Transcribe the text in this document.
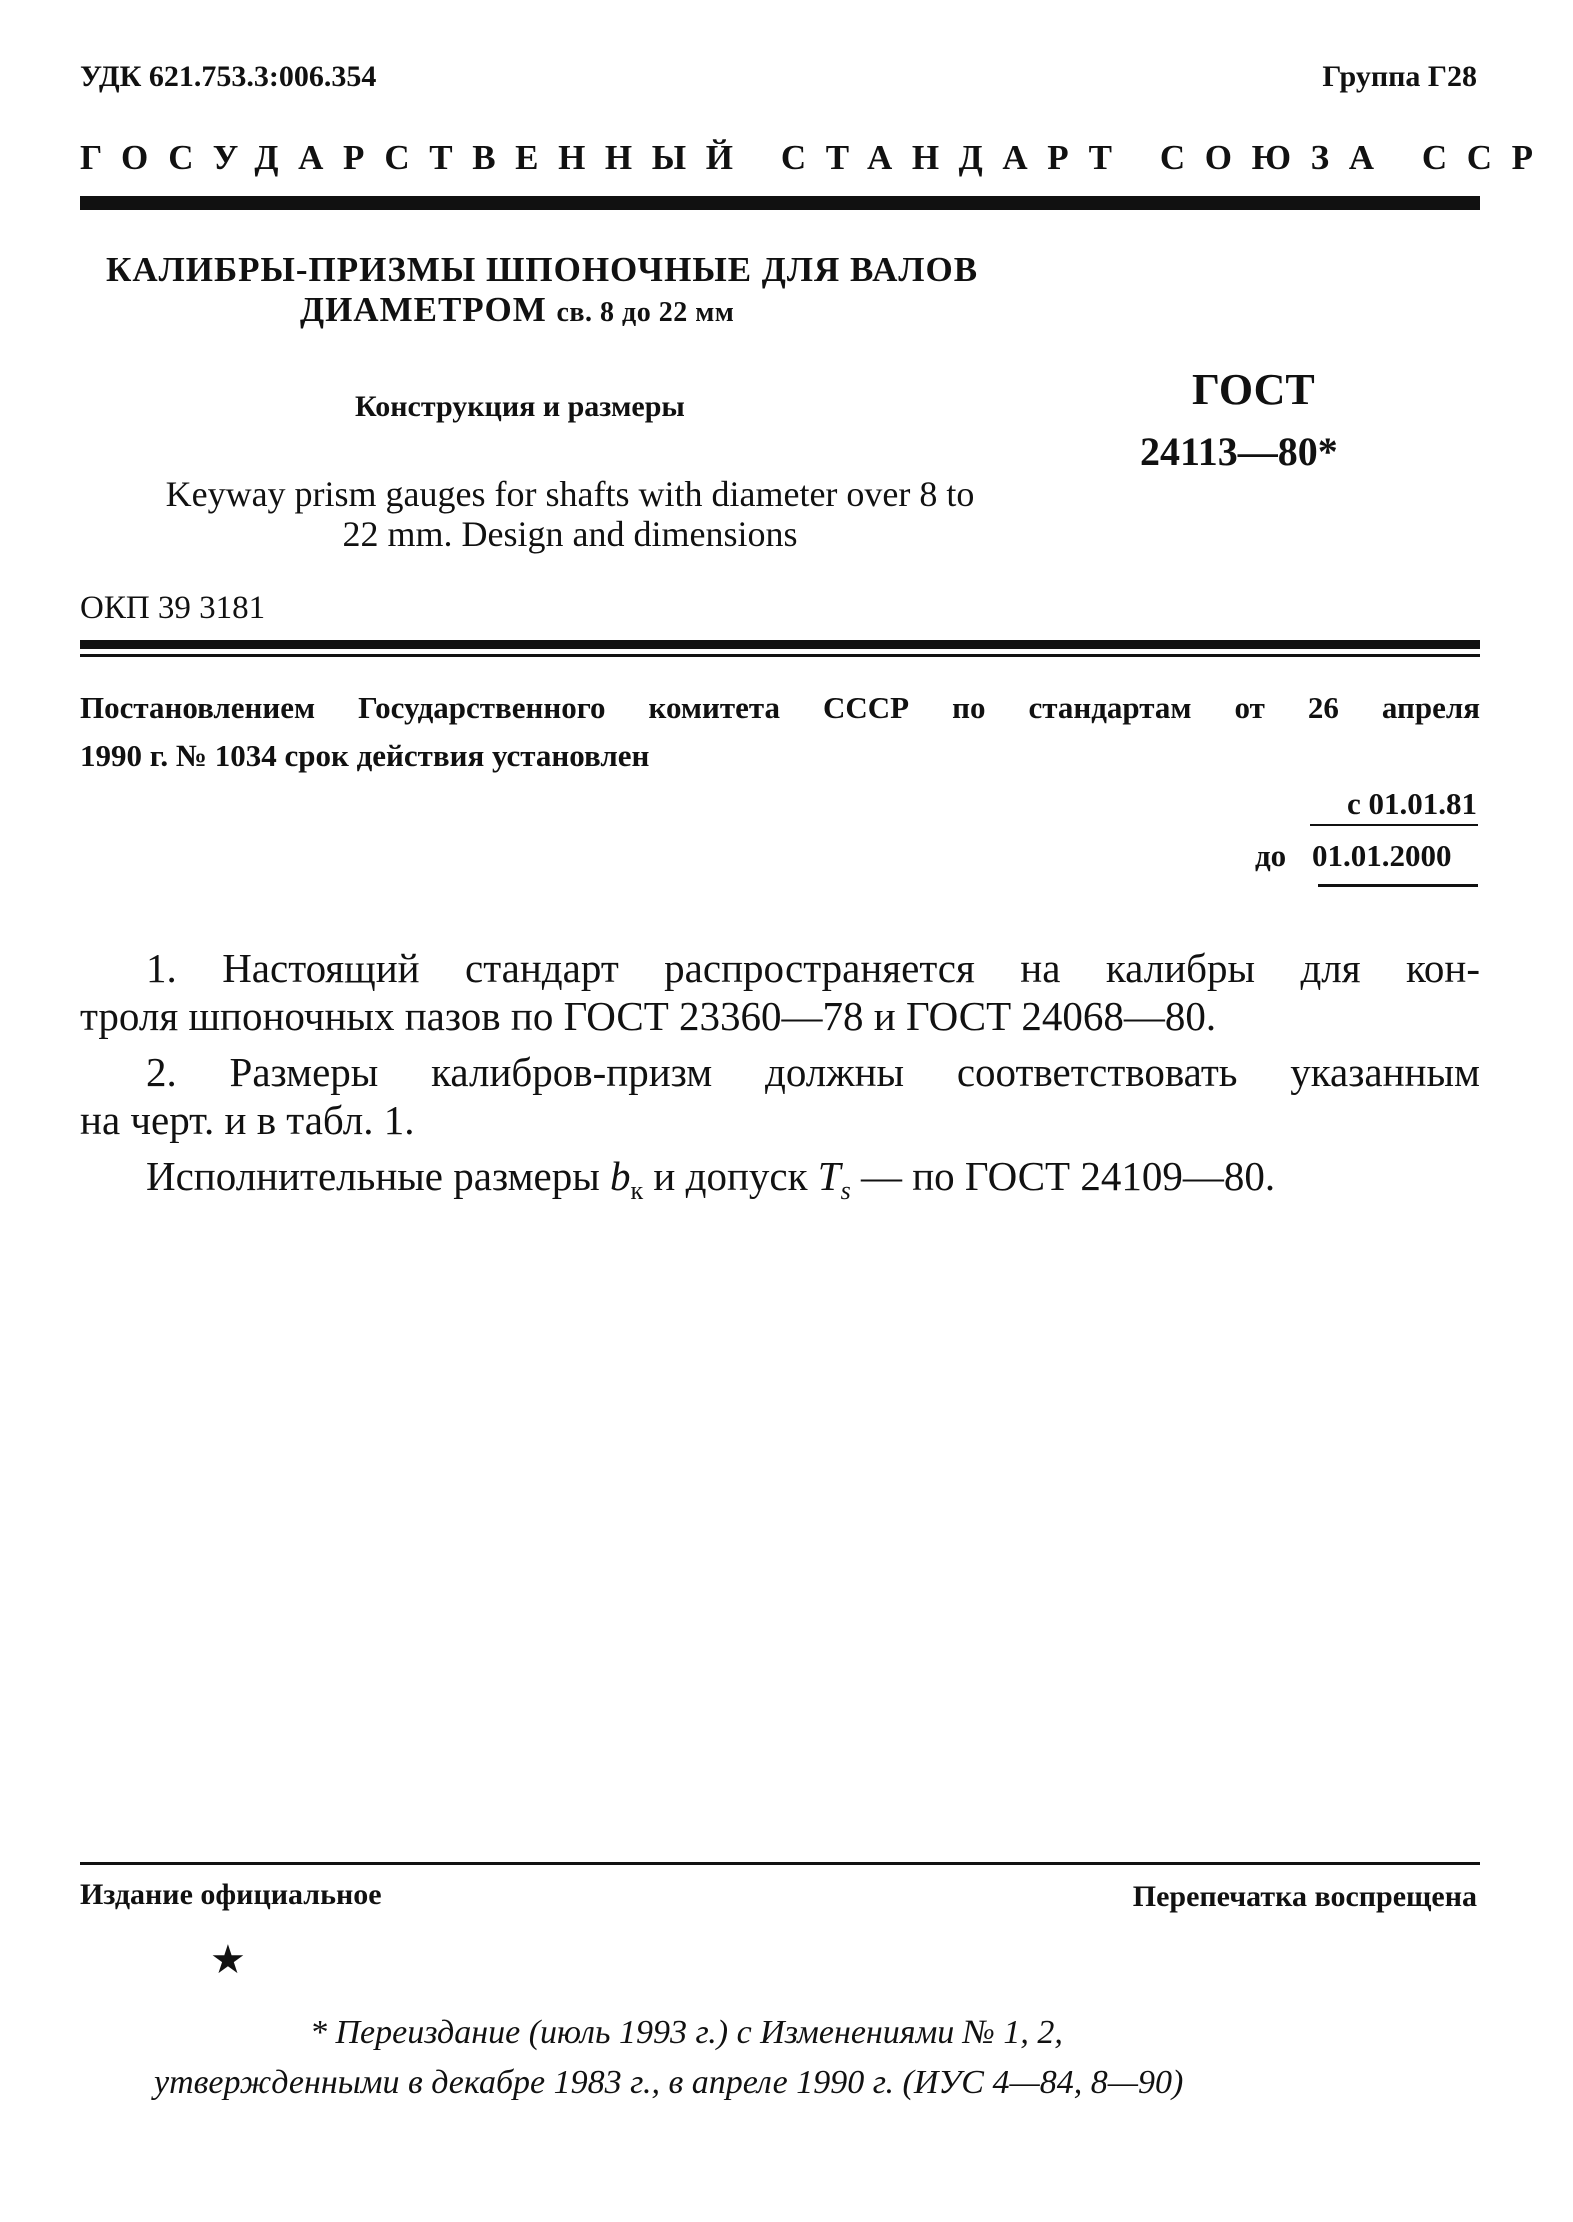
УДК 621.753.3:006.354	Группа Г28
ГОСУДАРСТВЕННЫЙ СТАНДАРТ СОЮЗА ССР
КАЛИБРЫ-ПРИЗМЫ ШПОНОЧНЫЕ ДЛЯ ВАЛОВ
ДИАМЕТРОМ св. 8 до 22 мм
ГОСТ
24113—80*
Конструкция и размеры
Keyway prism gauges for shafts with diameter over 8 to 22 mm. Design and dimensions
ОКП 39 3181
Постановлением Государственного комитета СССР по стандартам от 26 апреля
1990 г. № 1034 срок действия установлен
с 01.01.81
до 01.01.2000
1. Настоящий стандарт распространяется на калибры для кон-
троля шпоночных пазов по ГОСТ 23360—78 и ГОСТ 24068—80.
2. Размеры калибров-призм должны соответствовать указанным
на черт. и в табл. 1.
Исполнительные размеры $b_к$ и допуск $T_s$ — по ГОСТ 24109—80.
Издание официальное	Перепечатка воспрещена
★
* Переиздание (июль 1993 г.) с Изменениями № 1, 2,
утвержденными в декабре 1983 г., в апреле 1990 г. (ИУС 4—84, 8—90)
